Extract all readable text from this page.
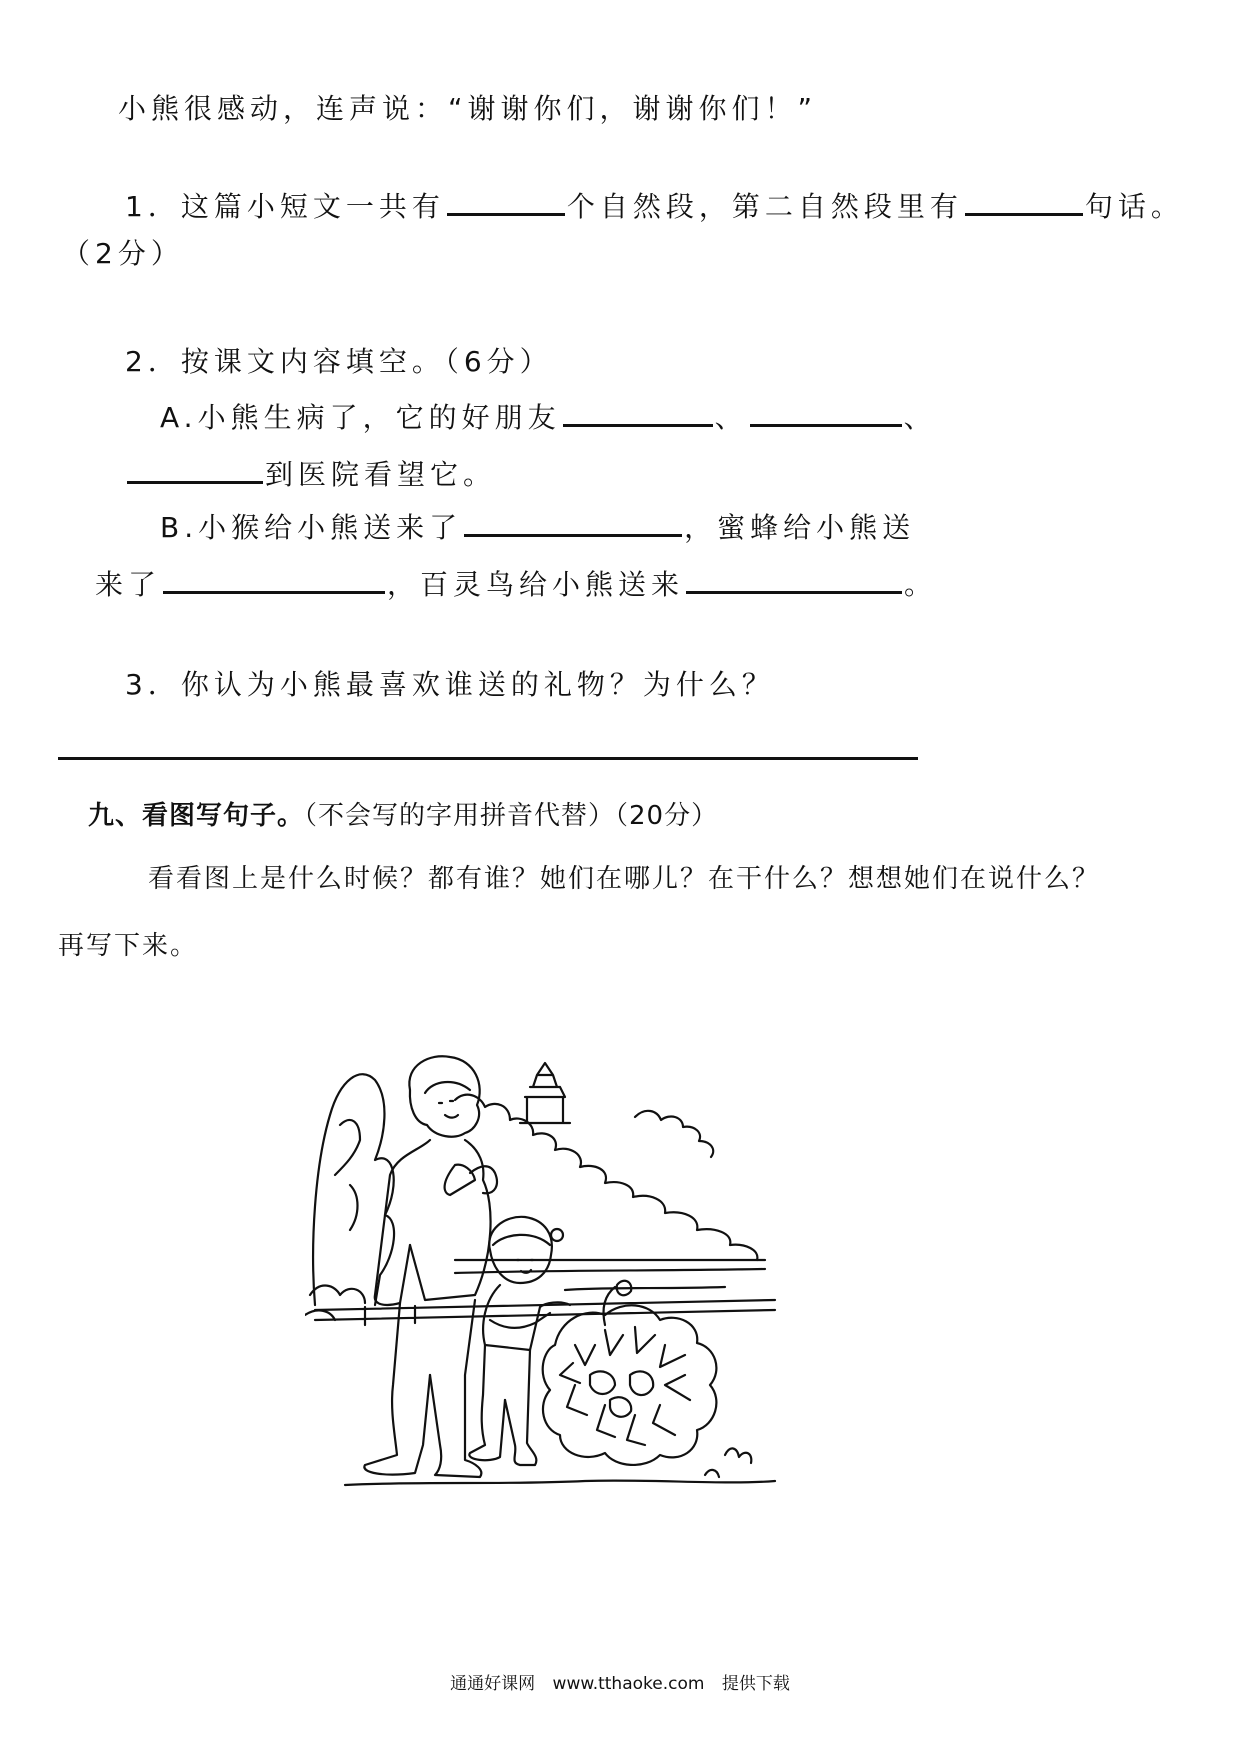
小熊很感动，连声说：“谢谢你们，谢谢你们！”
1．这篇小短文一共有	个自然段，第二自然段里有	句话。
（2分）
2．按课文内容填空。（6分）
A.小熊生病了，它的好朋友	、	、
到医院看望它。
B.小猴给小熊送来了	，蜜蜂给小熊送
来了	，百灵鸟给小熊送来	。
3．你认为小熊最喜欢谁送的礼物？为什么？
九、看图写句子。（不会写的字用拼音代替）（20分）
看看图上是什么时候？都有谁？她们在哪儿？在干什么？想想她们在说什么？
再写下来。
通通好课网 www.tthaoke.com 提供下载
